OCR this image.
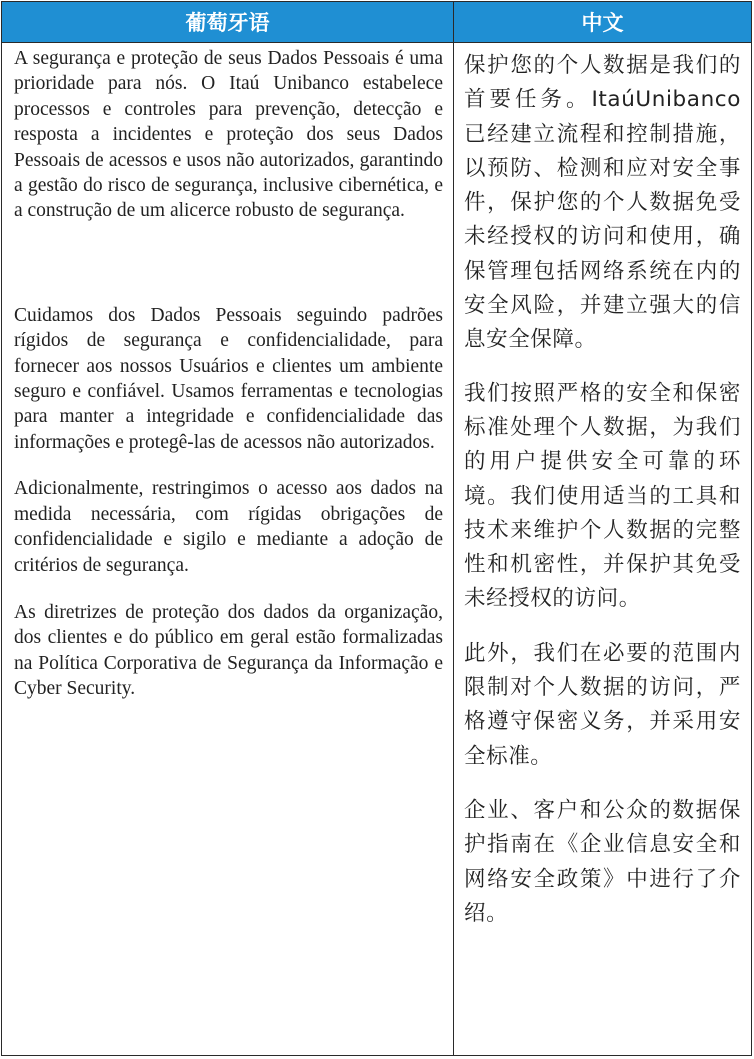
葡萄牙语	中文

A segurança e proteção de seus Dados Pessoais é uma prioridade para nós. O Itaú Unibanco estabelece processos e controles para prevenção, detecção e resposta a incidentes e proteção dos seus Dados Pessoais de acessos e usos não autorizados, garantindo a gestão do risco de segurança, inclusive cibernética, e a construção de um alicerce robusto de segurança.

Cuidamos dos Dados Pessoais seguindo padrões rígidos de segurança e confidencialidade, para fornecer aos nossos Usuários e clientes um ambiente seguro e confiável. Usamos ferramentas e tecnologias para manter a integridade e confidencialidade das informações e protegê-las de acessos não autorizados.

Adicionalmente, restringimos o acesso aos dados na medida necessária, com rígidas obrigações de confidencialidade e sigilo e mediante a adoção de critérios de segurança.

As diretrizes de proteção dos dados da organização, dos clientes e do público em geral estão formalizadas na Política Corporativa de Segurança da Informação e Cyber Security.

保护您的个人数据是我们的首要任务。ItaúUnibanco 已经建立流程和控制措施，以预防、检测和应对安全事件，保护您的个人数据免受未经授权的访问和使用，确保管理包括网络系统在内的安全风险，并建立强大的信息安全保障。

我们按照严格的安全和保密标准处理个人数据，为我们的用户提供安全可靠的环境。我们使用适当的工具和技术来维护个人数据的完整性和机密性，并保护其免受未经授权的访问。

此外，我们在必要的范围内限制对个人数据的访问，严格遵守保密义务，并采用安全标准。

企业、客户和公众的数据保护指南在《企业信息安全和网络安全政策》中进行了介绍。
